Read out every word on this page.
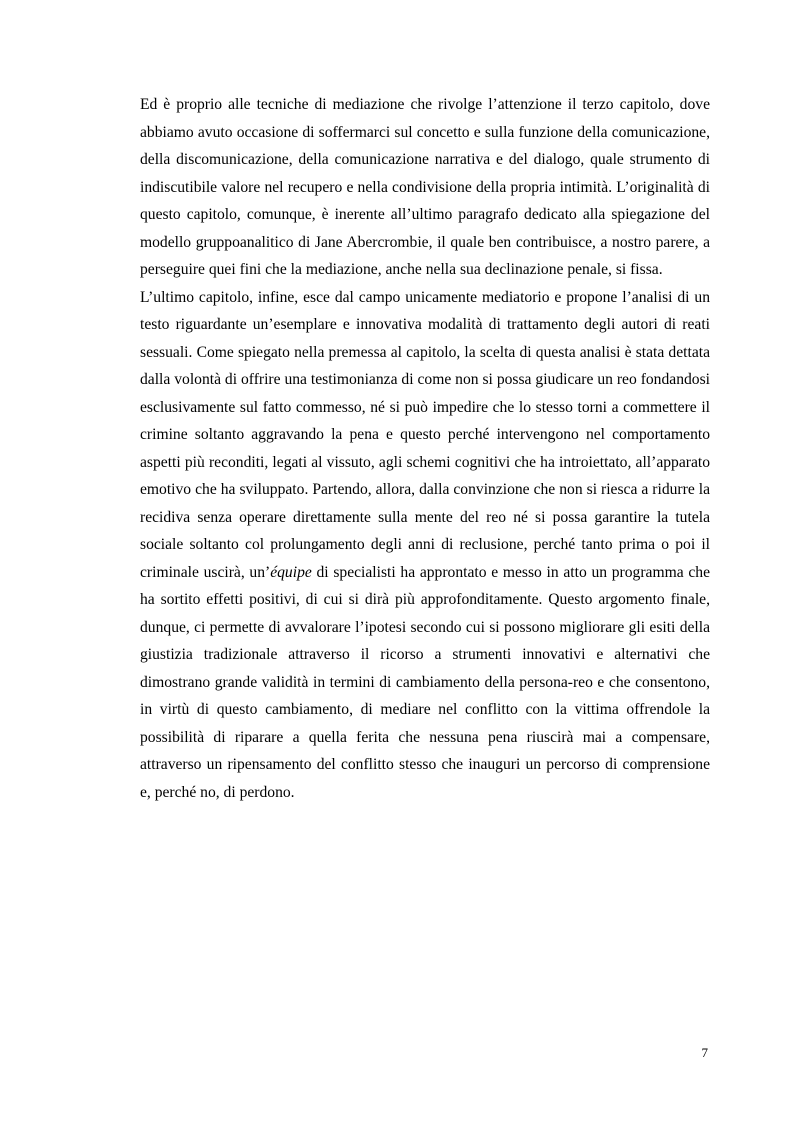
Ed è proprio alle tecniche di mediazione che rivolge l’attenzione il terzo capitolo, dove abbiamo avuto occasione di soffermarci sul concetto e sulla funzione della comunicazione, della discomunicazione, della comunicazione narrativa e del dialogo, quale strumento di indiscutibile valore nel recupero e nella condivisione della propria intimità. L’originalità di questo capitolo, comunque, è inerente all’ultimo paragrafo dedicato alla spiegazione del modello gruppoanalitico di Jane Abercrombie, il quale ben contribuisce, a nostro parere, a perseguire quei fini che la mediazione, anche nella sua declinazione penale, si fissa.

L’ultimo capitolo, infine, esce dal campo unicamente mediatorio e propone l’analisi di un testo riguardante un’esemplare e innovativa modalità di trattamento degli autori di reati sessuali. Come spiegato nella premessa al capitolo, la scelta di questa analisi è stata dettata dalla volontà di offrire una testimonianza di come non si possa giudicare un reo fondandosi esclusivamente sul fatto commesso, né si può impedire che lo stesso torni a commettere il crimine soltanto aggravando la pena e questo perché intervengono nel comportamento aspetti più reconditi, legati al vissuto, agli schemi cognitivi che ha introiettato, all’apparato emotivo che ha sviluppato. Partendo, allora, dalla convinzione che non si riesca a ridurre la recidiva senza operare direttamente sulla mente del reo né si possa garantire la tutela sociale soltanto col prolungamento degli anni di reclusione, perché tanto prima o poi il criminale uscirà, un’équipe di specialisti ha approntato e messo in atto un programma che ha sortito effetti positivi, di cui si dirà più approfonditamente. Questo argomento finale, dunque, ci permette di avvalorare l’ipotesi secondo cui si possono migliorare gli esiti della giustizia tradizionale attraverso il ricorso a strumenti innovativi e alternativi che dimostrano grande validità in termini di cambiamento della persona-reo e che consentono, in virtù di questo cambiamento, di mediare nel conflitto con la vittima offrendole la possibilità di riparare a quella ferita che nessuna pena riuscirà mai a compensare, attraverso un ripensamento del conflitto stesso che inauguri un percorso di comprensione e, perché no, di perdono.

7
